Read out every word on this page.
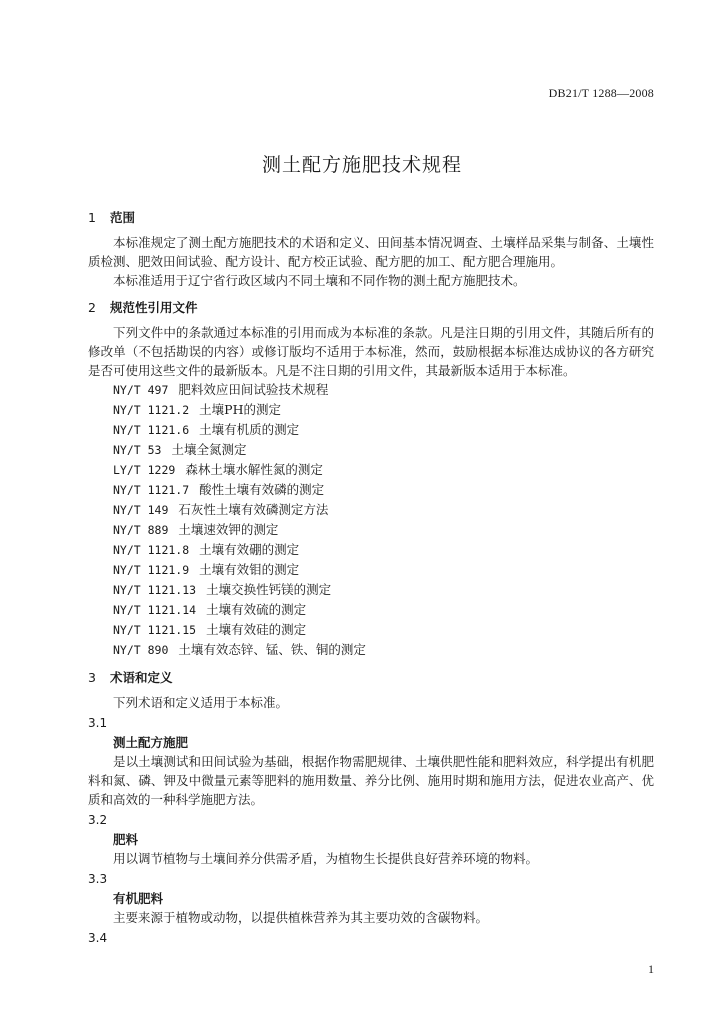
DB21/T 1288—2008
测土配方施肥技术规程

1 范围

本标准规定了测土配方施肥技术的术语和定义、田间基本情况调查、土壤样品采集与制备、土壤性质检测、肥效田间试验、配方设计、配方校正试验、配方肥的加工、配方肥合理施用。

本标准适用于辽宁省行政区域内不同土壤和不同作物的测土配方施肥技术。

2 规范性引用文件

下列文件中的条款通过本标准的引用而成为本标准的条款。凡是注日期的引用文件，其随后所有的修改单（不包括勘误的内容）或修订版均不适用于本标准，然而，鼓励根据本标准达成协议的各方研究是否可使用这些文件的最新版本。凡是不注日期的引用文件，其最新版本适用于本标准。

NY/T 497 肥料效应田间试验技术规程
NY/T 1121.2 土壤PH的测定
NY/T 1121.6 土壤有机质的测定
NY/T 53 土壤全氮测定
LY/T 1229 森林土壤水解性氮的测定
NY/T 1121.7 酸性土壤有效磷的测定
NY/T 149 石灰性土壤有效磷测定方法
NY/T 889 土壤速效钾的测定
NY/T 1121.8 土壤有效硼的测定
NY/T 1121.9 土壤有效钼的测定
NY/T 1121.13 土壤交换性钙镁的测定
NY/T 1121.14 土壤有效硫的测定
NY/T 1121.15 土壤有效硅的测定
NY/T 890 土壤有效态锌、锰、铁、铜的测定

3 术语和定义

下列术语和定义适用于本标准。

3.1

测土配方施肥

是以土壤测试和田间试验为基础，根据作物需肥规律、土壤供肥性能和肥料效应，科学提出有机肥料和氮、磷、钾及中微量元素等肥料的施用数量、养分比例、施用时期和施用方法，促进农业高产、优质和高效的一种科学施肥方法。

3.2

肥料

用以调节植物与土壤间养分供需矛盾，为植物生长提供良好营养环境的物料。

3.3

有机肥料

主要来源于植物或动物，以提供植株营养为其主要功效的含碳物料。

3.4

1
